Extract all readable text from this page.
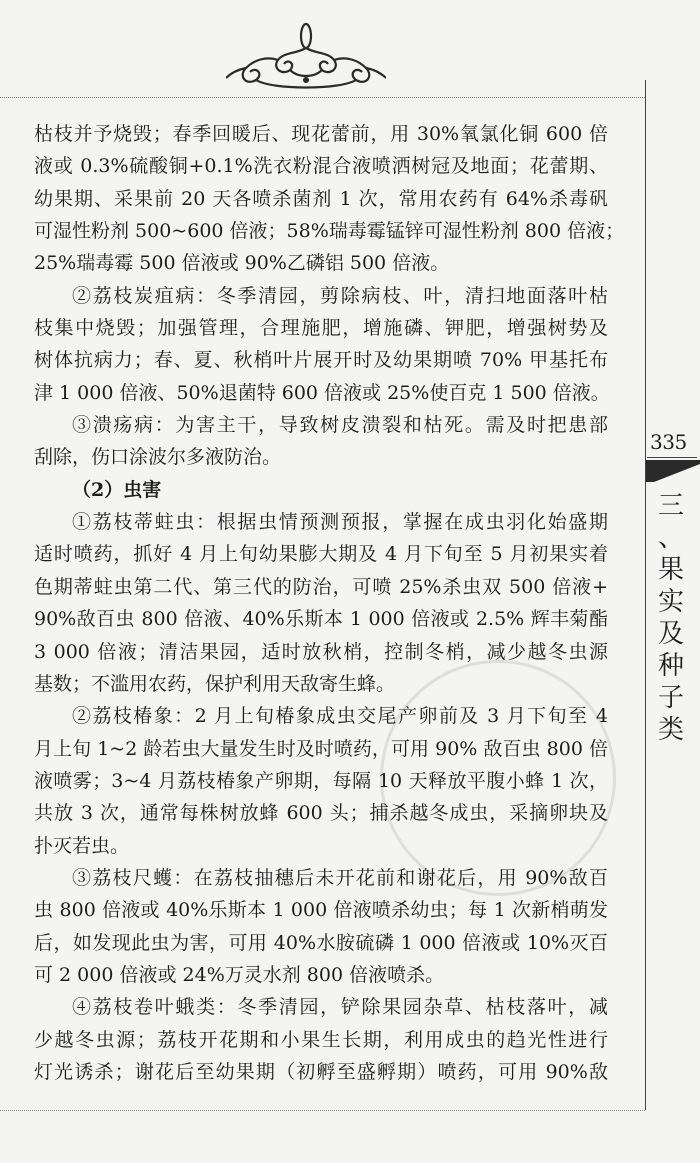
335
三
、
果
实
及
种
子
类
枯枝并予烧毁；春季回暖后、现花蕾前，用 30%氧氯化铜 600 倍
液或 0.3%硫酸铜+0.1%洗衣粉混合液喷洒树冠及地面；花蕾期、
幼果期、采果前 20 天各喷杀菌剂 1 次，常用农药有 64%杀毒矾
可湿性粉剂 500~600 倍液；58%瑞毒霉锰锌可湿性粉剂 800 倍液；
25%瑞毒霉 500 倍液或 90%乙磷铝 500 倍液。
②荔枝炭疽病：冬季清园，剪除病枝、叶，清扫地面落叶枯
枝集中烧毁；加强管理，合理施肥，增施磷、钾肥，增强树势及
树体抗病力；春、夏、秋梢叶片展开时及幼果期喷 70% 甲基托布
津 1 000 倍液、50%退菌特 600 倍液或 25%使百克 1 500 倍液。
③溃疡病：为害主干，导致树皮溃裂和枯死。需及时把患部
刮除，伤口涂波尔多液防治。
（2）虫害
①荔枝蒂蛀虫：根据虫情预测预报，掌握在成虫羽化始盛期
适时喷药，抓好 4 月上旬幼果膨大期及 4 月下旬至 5 月初果实着
色期蒂蛀虫第二代、第三代的防治，可喷 25%杀虫双 500 倍液+
90%敌百虫 800 倍液、40%乐斯本 1 000 倍液或 2.5% 辉丰菊酯
3 000 倍液；清洁果园，适时放秋梢，控制冬梢，减少越冬虫源
基数；不滥用农药，保护利用天敌寄生蜂。
②荔枝椿象：2 月上旬椿象成虫交尾产卵前及 3 月下旬至 4
月上旬 1~2 龄若虫大量发生时及时喷药，可用 90% 敌百虫 800 倍
液喷雾；3~4 月荔枝椿象产卵期，每隔 10 天释放平腹小蜂 1 次，
共放 3 次，通常每株树放蜂 600 头；捕杀越冬成虫，采摘卵块及
扑灭若虫。
③荔枝尺蠖：在荔枝抽穗后未开花前和谢花后，用 90%敌百
虫 800 倍液或 40%乐斯本 1 000 倍液喷杀幼虫；每 1 次新梢萌发
后，如发现此虫为害，可用 40%水胺硫磷 1 000 倍液或 10%灭百
可 2 000 倍液或 24%万灵水剂 800 倍液喷杀。
④荔枝卷叶蛾类：冬季清园，铲除果园杂草、枯枝落叶，减
少越冬虫源；荔枝开花期和小果生长期，利用成虫的趋光性进行
灯光诱杀；谢花后至幼果期（初孵至盛孵期）喷药，可用 90%敌
